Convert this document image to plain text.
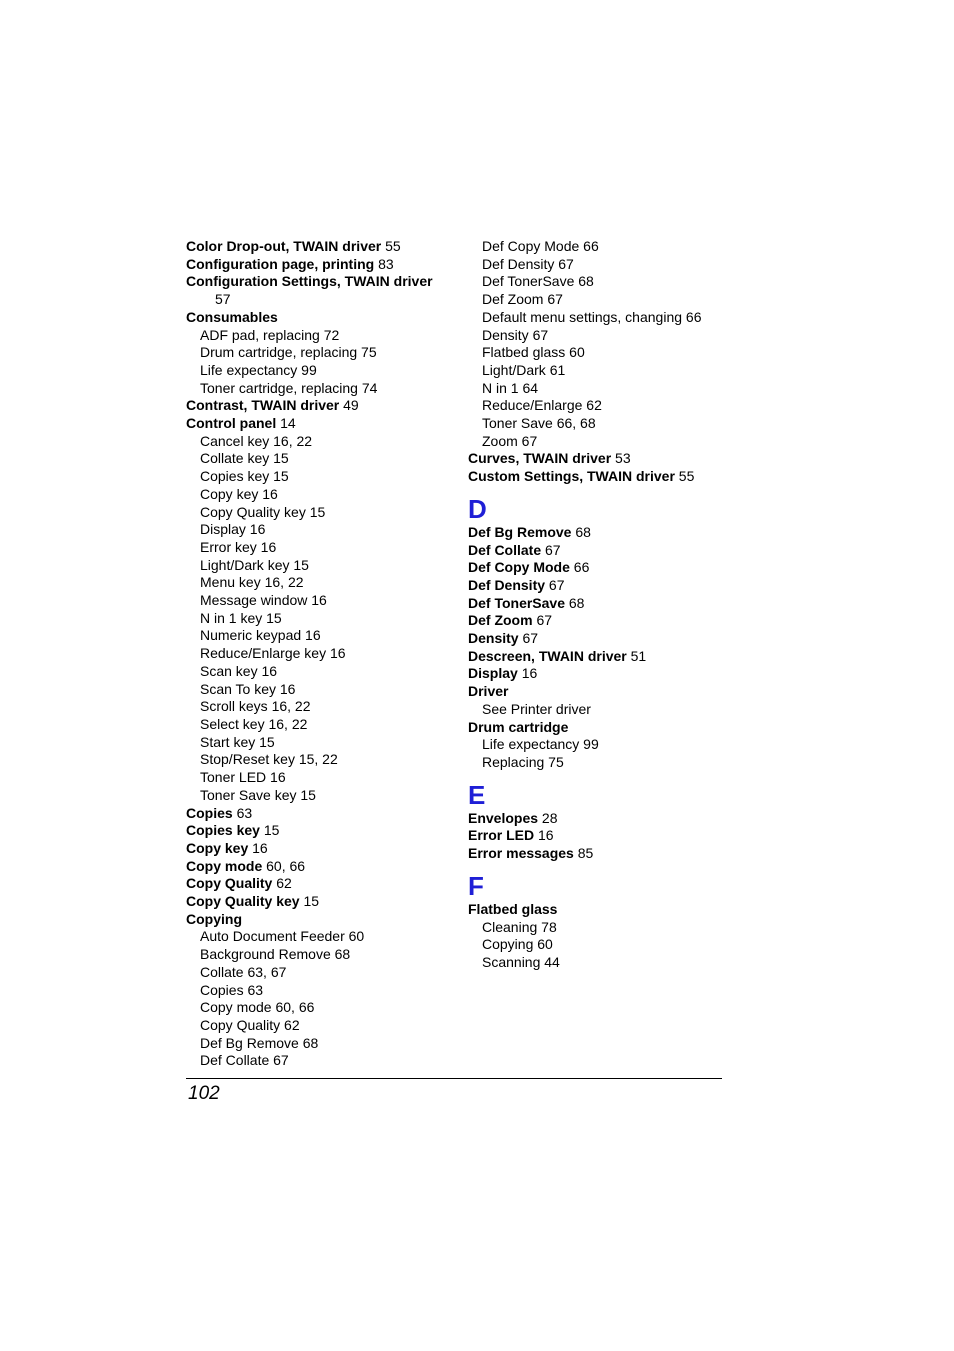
Color Drop-out, TWAIN driver 55
Configuration page, printing 83
Configuration Settings, TWAIN driver
57
Consumables
ADF pad, replacing 72
Drum cartridge, replacing 75
Life expectancy 99
Toner cartridge, replacing 74
Contrast, TWAIN driver 49
Control panel 14
Cancel key 16, 22
Collate key 15
Copies key 15
Copy key 16
Copy Quality key 15
Display 16
Error key 16
Light/Dark key 15
Menu key 16, 22
Message window 16
N in 1 key 15
Numeric keypad 16
Reduce/Enlarge key 16
Scan key 16
Scan To key 16
Scroll keys 16, 22
Select key 16, 22
Start key 15
Stop/Reset key 15, 22
Toner LED 16
Toner Save key 15
Copies 63
Copies key 15
Copy key 16
Copy mode 60, 66
Copy Quality 62
Copy Quality key 15
Copying
Auto Document Feeder 60
Background Remove 68
Collate 63, 67
Copies 63
Copy mode 60, 66
Copy Quality 62
Def Bg Remove 68
Def Collate 67
Def Copy Mode 66
Def Density 67
Def TonerSave 68
Def Zoom 67
Default menu settings, changing 66
Density 67
Flatbed glass 60
Light/Dark 61
N in 1 64
Reduce/Enlarge 62
Toner Save 66, 68
Zoom 67
Curves, TWAIN driver 53
Custom Settings, TWAIN driver 55
D
Def Bg Remove 68
Def Collate 67
Def Copy Mode 66
Def Density 67
Def TonerSave 68
Def Zoom 67
Density 67
Descreen, TWAIN driver 51
Display 16
Driver
See Printer driver
Drum cartridge
Life expectancy 99
Replacing 75
E
Envelopes 28
Error LED 16
Error messages 85
F
Flatbed glass
Cleaning 78
Copying 60
Scanning 44
102
